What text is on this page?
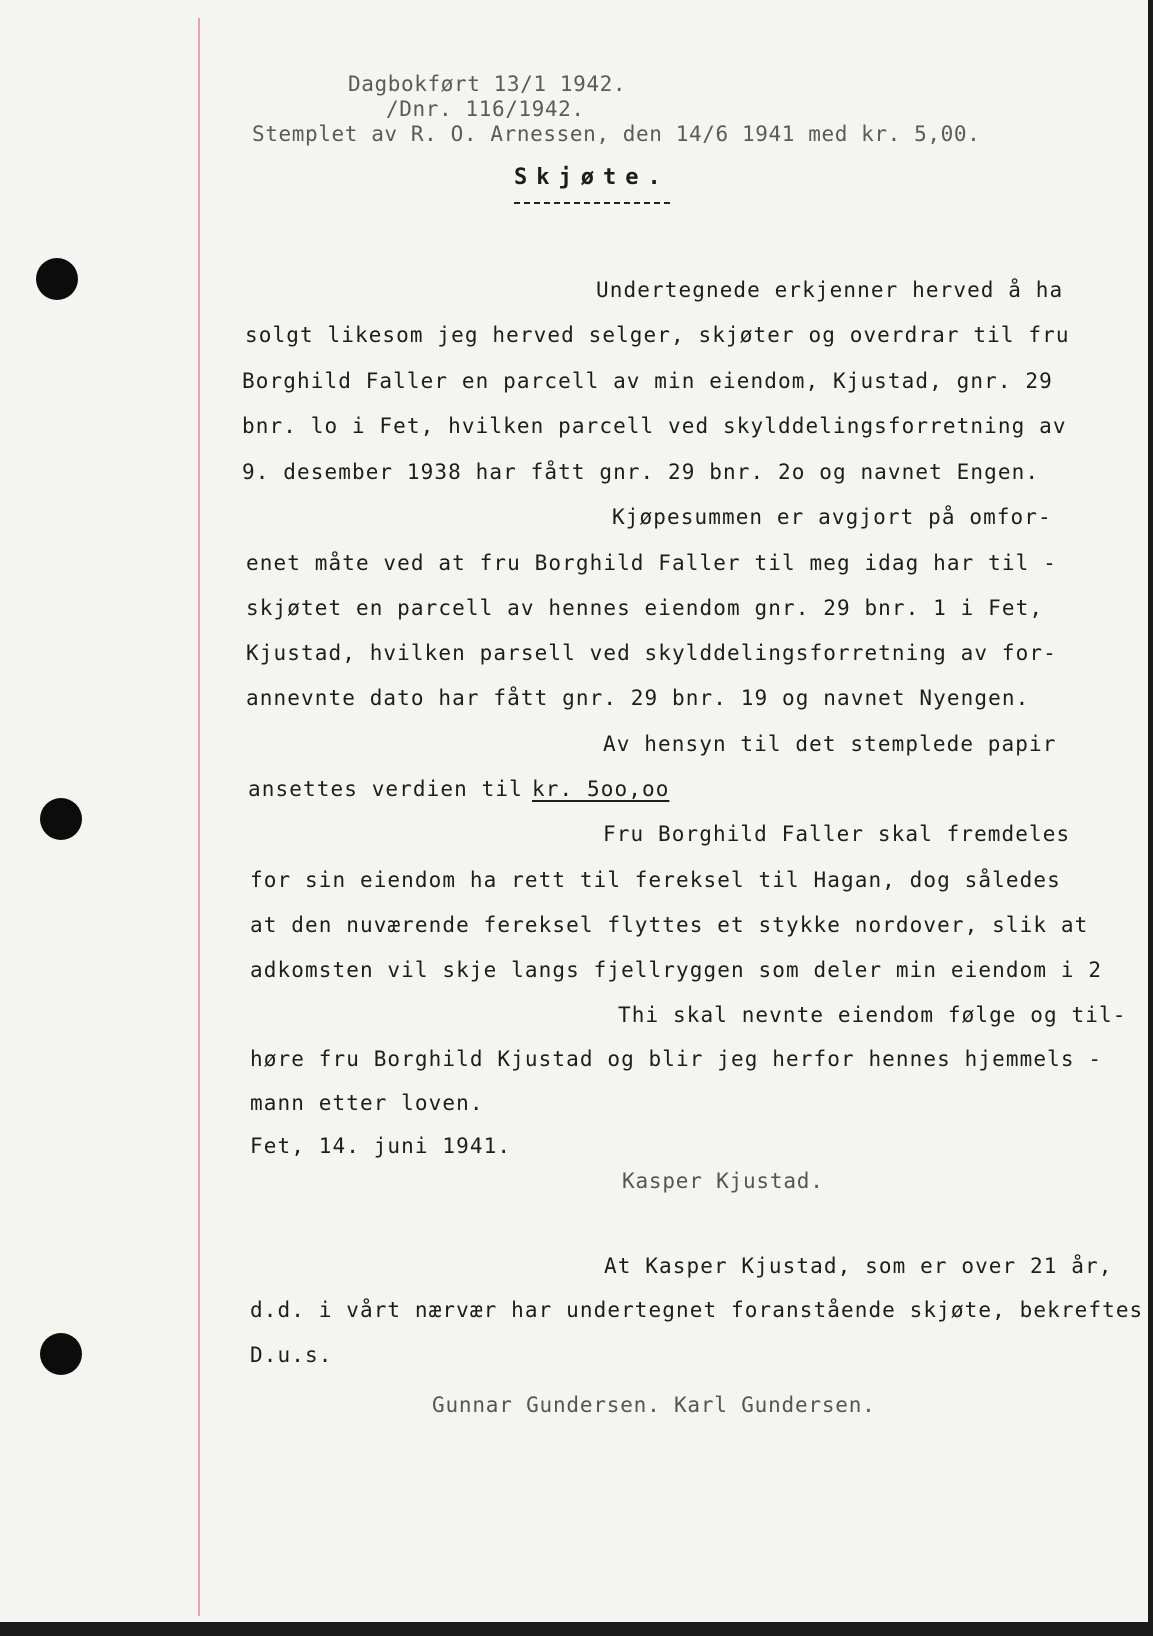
Dagbokført 13/1 1942.
/Dnr. 116/1942.
Stemplet av R. O. Arnessen, den 14/6 1941 med kr. 5,00.
Skjøte.
Undertegnede erkjenner herved å ha
solgt likesom jeg herved selger, skjøter og overdrar til fru
Borghild Faller en parcell av min eiendom, Kjustad, gnr. 29
bnr. lo i Fet, hvilken parcell ved skylddelingsforretning av
9. desember 1938 har fått gnr. 29 bnr. 2o og navnet Engen.
Kjøpesummen er avgjort på omfor-
enet måte ved at fru Borghild Faller til meg idag har til -
skjøtet en parcell av hennes eiendom gnr. 29 bnr. 1 i Fet,
Kjustad, hvilken parsell ved skylddelingsforretning av for-
annevnte dato har fått gnr. 29 bnr. 19 og navnet Nyengen.
Av hensyn til det stemplede papir
ansettes verdien til kr. 5oo,oo
Fru Borghild Faller skal fremdeles
for sin eiendom ha rett til fereksel til Hagan, dog således
at den nuværende fereksel flyttes et stykke nordover, slik at
adkomsten vil skje langs fjellryggen som deler min eiendom i 2
Thi skal nevnte eiendom følge og til-
høre fru Borghild Kjustad og blir jeg herfor hennes hjemmels -
mann etter loven.
Fet, 14. juni 1941.
Kasper Kjustad.
At Kasper Kjustad, som er over 21 år,
d.d. i vårt nærvær har undertegnet foranstående skjøte, bekreftes
D.u.s.
Gunnar Gundersen. Karl Gundersen.
